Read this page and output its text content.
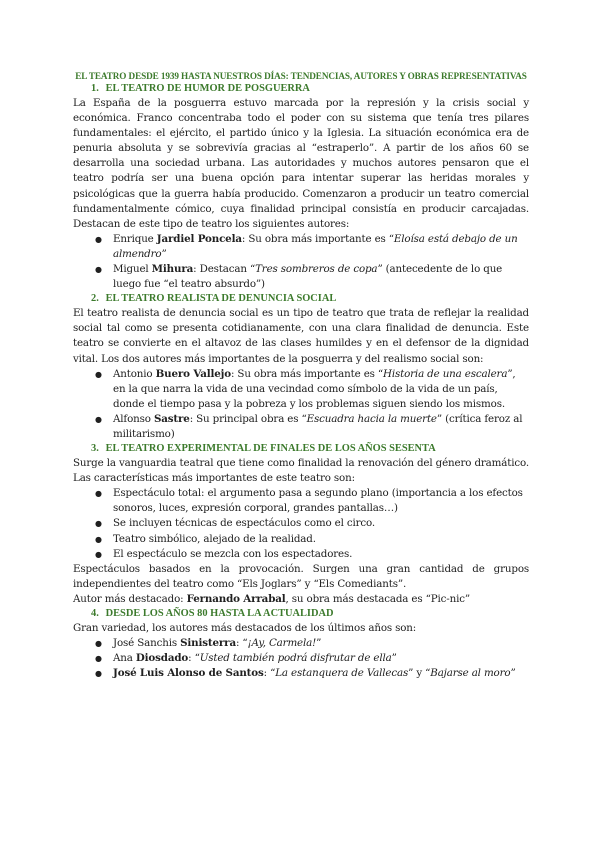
EL TEATRO DESDE 1939 HASTA NUESTROS DÍAS: TENDENCIAS, AUTORES Y OBRAS REPRESENTATIVAS
1. EL TEATRO DE HUMOR DE POSGUERRA

La España de la posguerra estuvo marcada por la represión y la crisis social y económica. Franco concentraba todo el poder con su sistema que tenía tres pilares fundamentales: el ejército, el partido único y la Iglesia. La situación económica era de penuria absoluta y se sobrevivía gracias al “estraperlo”. A partir de los años 60 se desarrolla una sociedad urbana. Las autoridades y muchos autores pensaron que el teatro podría ser una buena opción para intentar superar las heridas morales y psicológicas que la guerra había producido. Comenzaron a producir un teatro comercial fundamentalmente cómico, cuya finalidad principal consistía en producir carcajadas. Destacan de este tipo de teatro los siguientes autores:

● Enrique Jardiel Poncela: Su obra más importante es “Eloísa está debajo de un almendro”
● Miguel Mihura: Destacan “Tres sombreros de copa” (antecedente de lo que luego fue “el teatro absurdo”)
2. EL TEATRO REALISTA DE DENUNCIA SOCIAL

El teatro realista de denuncia social es un tipo de teatro que trata de reflejar la realidad social tal como se presenta cotidianamente, con una clara finalidad de denuncia. Este teatro se convierte en el altavoz de las clases humildes y en el defensor de la dignidad vital. Los dos autores más importantes de la posguerra y del realismo social son:

● Antonio Buero Vallejo: Su obra más importante es “Historia de una escalera”, en la que narra la vida de una vecindad como símbolo de la vida de un país, donde el tiempo pasa y la pobreza y los problemas siguen siendo los mismos.
● Alfonso Sastre: Su principal obra es “Escuadra hacia la muerte” (crítica feroz al militarismo)
3. EL TEATRO EXPERIMENTAL DE FINALES DE LOS AÑOS SESENTA

Surge la vanguardia teatral que tiene como finalidad la renovación del género dramático. Las características más importantes de este teatro son:

● Espectáculo total: el argumento pasa a segundo plano (importancia a los efectos sonoros, luces, expresión corporal, grandes pantallas…)
● Se incluyen técnicas de espectáculos como el circo.
● Teatro simbólico, alejado de la realidad.
● El espectáculo se mezcla con los espectadores.

Espectáculos basados en la provocación. Surgen una gran cantidad de grupos independientes del teatro como “Els Joglars” y “Els Comediants”.

Autor más destacado: Fernando Arrabal, su obra más destacada es “Pic-nic”

4. DESDE LOS AÑOS 80 HASTA LA ACTUALIDAD

Gran variedad, los autores más destacados de los últimos años son:

● José Sanchis Sinisterra: “¡Ay, Carmela!”
● Ana Diosdado: “Usted también podrá disfrutar de ella”
● José Luis Alonso de Santos: “La estanquera de Vallecas” y “Bajarse al moro”
